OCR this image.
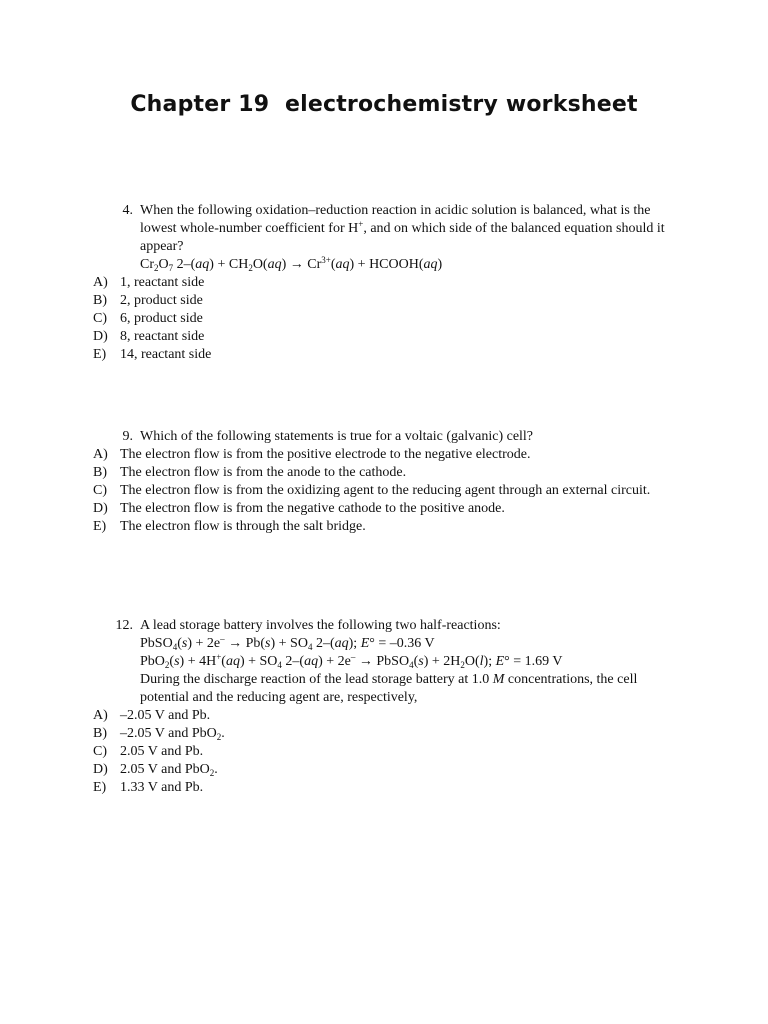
Chapter 19  electrochemistry worksheet
4. When the following oxidation–reduction reaction in acidic solution is balanced, what is the lowest whole-number coefficient for H+, and on which side of the balanced equation should it appear?
$Cr_2O_7$ $2-(aq) + CH_2O(aq) \to Cr^{3+}(aq)$ + HCOOH(aq)
A) 1, reactant side
B) 2, product side
C) 6, product side
D) 8, reactant side
E) 14, reactant side
9. Which of the following statements is true for a voltaic (galvanic) cell?
A) The electron flow is from the positive electrode to the negative electrode.
B) The electron flow is from the anode to the cathode.
C) The electron flow is from the oxidizing agent to the reducing agent through an external circuit.
D) The electron flow is from the negative cathode to the positive anode.
E) The electron flow is through the salt bridge.
12. A lead storage battery involves the following two half-reactions:
PbSO$_4$(s) + $2e^- \to Pb(s) + SO_4$ 2–(aq); E° = –0.36 V
$PbO_2(s) + 4H^+(aq) + SO_4$ 2–(aq) + 2e– → PbSO$_4$(s) + $2H_2O(l)$; E° = 1.69 V
During the discharge reaction of the lead storage battery at 1.0 M concentrations, the cell potential and the reducing agent are, respectively,
A) –2.05 V and Pb.
B) –2.05 V and PbO$_2$.
C) 2.05 V and Pb.
D) 2.05 V and PbO$_2$.
E) 1.33 V and Pb.
